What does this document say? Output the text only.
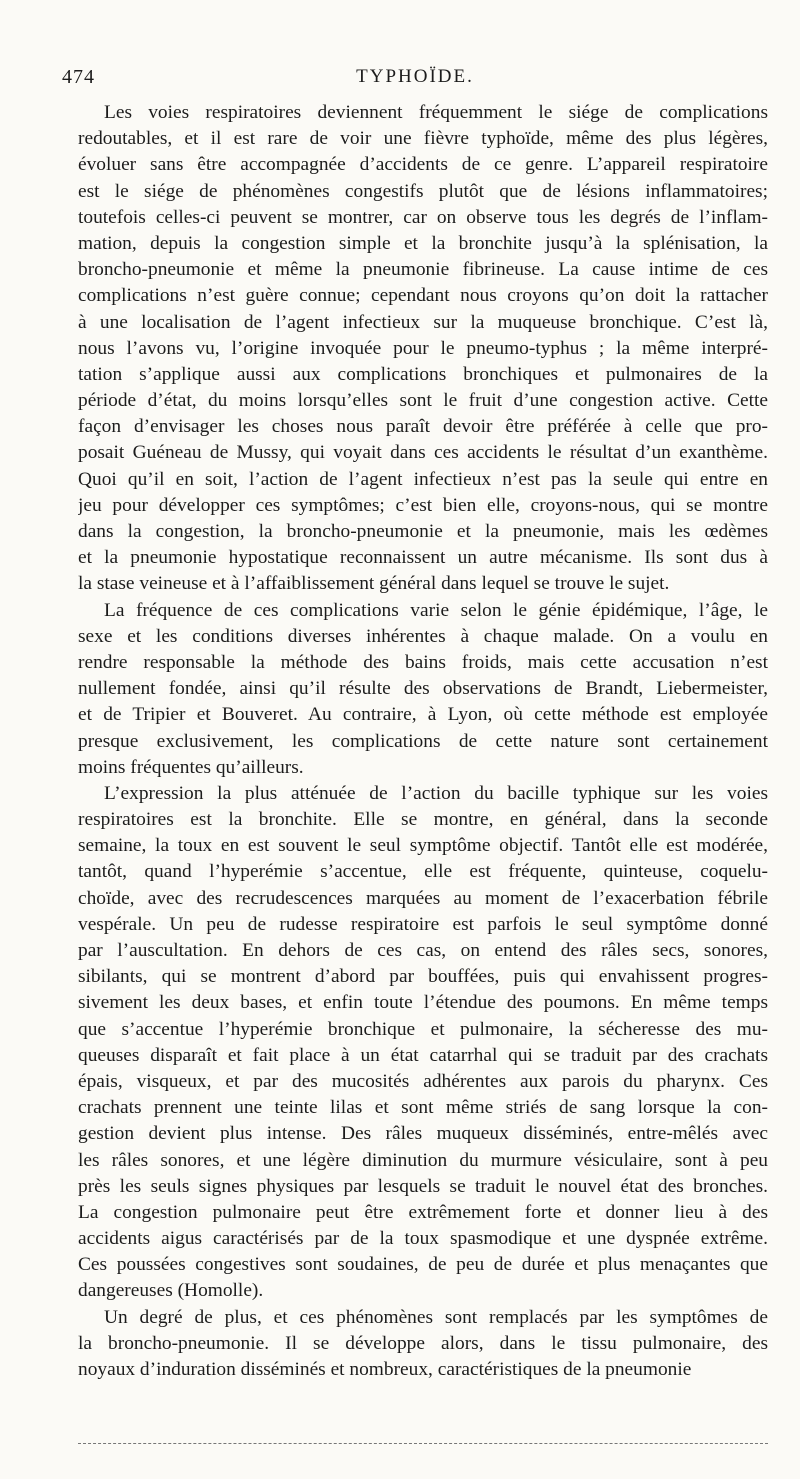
474	TYPHOÏDE.
Les voies respiratoires deviennent fréquemment le siége de complications
redoutables, et il est rare de voir une fièvre typhoïde, même des plus légères,
évoluer sans être accompagnée d’accidents de ce genre. L’appareil respiratoire
est le siége de phénomènes congestifs plutôt que de lésions inflammatoires;
toutefois celles-ci peuvent se montrer, car on observe tous les degrés de l’inflam-
mation, depuis la congestion simple et la bronchite jusqu’à la splénisation, la
broncho-pneumonie et même la pneumonie fibrineuse. La cause intime de ces
complications n’est guère connue; cependant nous croyons qu’on doit la rattacher
à une localisation de l’agent infectieux sur la muqueuse bronchique. C’est là,
nous l’avons vu, l’origine invoquée pour le pneumo-typhus ; la même interpré-
tation s’applique aussi aux complications bronchiques et pulmonaires de la
période d’état, du moins lorsqu’elles sont le fruit d’une congestion active. Cette
façon d’envisager les choses nous paraît devoir être préférée à celle que pro-
posait Guéneau de Mussy, qui voyait dans ces accidents le résultat d’un exanthème.
Quoi qu’il en soit, l’action de l’agent infectieux n’est pas la seule qui entre en
jeu pour développer ces symptômes; c’est bien elle, croyons-nous, qui se montre
dans la congestion, la broncho-pneumonie et la pneumonie, mais les œdèmes
et la pneumonie hypostatique reconnaissent un autre mécanisme. Ils sont dus à
la stase veineuse et à l’affaiblissement général dans lequel se trouve le sujet.
La fréquence de ces complications varie selon le génie épidémique, l’âge, le
sexe et les conditions diverses inhérentes à chaque malade. On a voulu en
rendre responsable la méthode des bains froids, mais cette accusation n’est
nullement fondée, ainsi qu’il résulte des observations de Brandt, Liebermeister,
et de Tripier et Bouveret. Au contraire, à Lyon, où cette méthode est employée
presque exclusivement, les complications de cette nature sont certainement
moins fréquentes qu’ailleurs.
L’expression la plus atténuée de l’action du bacille typhique sur les voies
respiratoires est la bronchite. Elle se montre, en général, dans la seconde
semaine, la toux en est souvent le seul symptôme objectif. Tantôt elle est modérée,
tantôt, quand l’hyperémie s’accentue, elle est fréquente, quinteuse, coquelu-
choïde, avec des recrudescences marquées au moment de l’exacerbation fébrile
vespérale. Un peu de rudesse respiratoire est parfois le seul symptôme donné
par l’auscultation. En dehors de ces cas, on entend des râles secs, sonores,
sibilants, qui se montrent d’abord par bouffées, puis qui envahissent progres-
sivement les deux bases, et enfin toute l’étendue des poumons. En même temps
que s’accentue l’hyperémie bronchique et pulmonaire, la sécheresse des mu-
queuses disparaît et fait place à un état catarrhal qui se traduit par des crachats
épais, visqueux, et par des mucosités adhérentes aux parois du pharynx. Ces
crachats prennent une teinte lilas et sont même striés de sang lorsque la con-
gestion devient plus intense. Des râles muqueux disséminés, entre-mêlés avec
les râles sonores, et une légère diminution du murmure vésiculaire, sont à peu
près les seuls signes physiques par lesquels se traduit le nouvel état des bronches.
La congestion pulmonaire peut être extrêmement forte et donner lieu à des
accidents aigus caractérisés par de la toux spasmodique et une dyspnée extrême.
Ces poussées congestives sont soudaines, de peu de durée et plus menaçantes que
dangereuses (Homolle).
Un degré de plus, et ces phénomènes sont remplacés par les symptômes de
la broncho-pneumonie. Il se développe alors, dans le tissu pulmonaire, des
noyaux d’induration disséminés et nombreux, caractéristiques de la pneumonie
